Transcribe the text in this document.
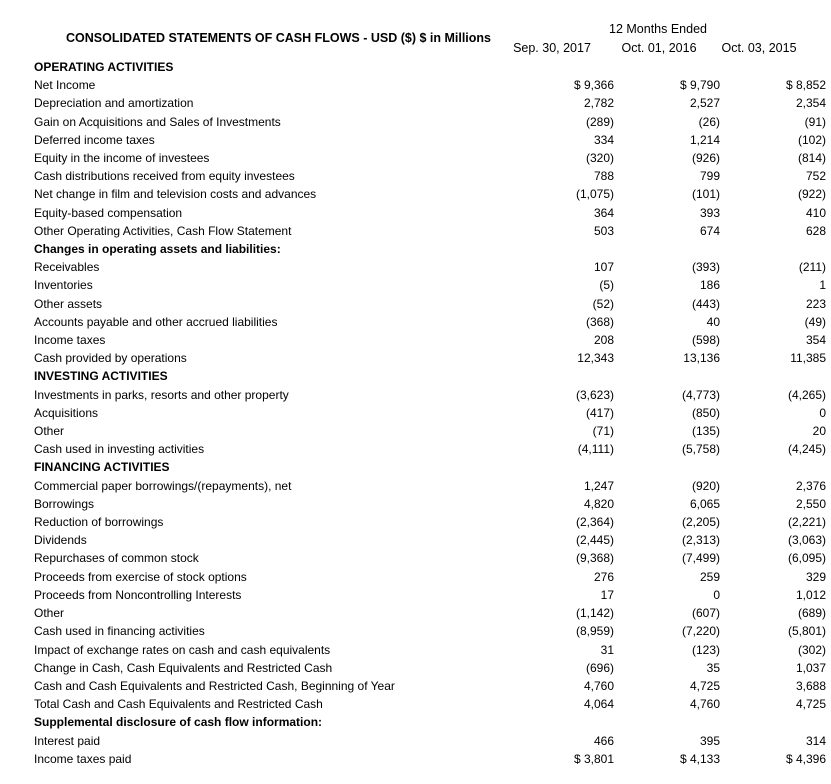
CONSOLIDATED STATEMENTS OF CASH FLOWS - USD ($) $ in Millions
12 Months Ended
Sep. 30, 2017	Oct. 01, 2016	Oct. 03, 2015
OPERATING ACTIVITIES			
Net Income	$ 9,366	$ 9,790	$ 8,852
Depreciation and amortization	2,782	2,527	2,354
Gain on Acquisitions and Sales of Investments	(289)	(26)	(91)
Deferred income taxes	334	1,214	(102)
Equity in the income of investees	(320)	(926)	(814)
Cash distributions received from equity investees	788	799	752
Net change in film and television costs and advances	(1,075)	(101)	(922)
Equity-based compensation	364	393	410
Other Operating Activities, Cash Flow Statement	503	674	628
Changes in operating assets and liabilities:			
Receivables	107	(393)	(211)
Inventories	(5)	186	1
Other assets	(52)	(443)	223
Accounts payable and other accrued liabilities	(368)	40	(49)
Income taxes	208	(598)	354
Cash provided by operations	12,343	13,136	11,385
INVESTING ACTIVITIES			
Investments in parks, resorts and other property	(3,623)	(4,773)	(4,265)
Acquisitions	(417)	(850)	0
Other	(71)	(135)	20
Cash used in investing activities	(4,111)	(5,758)	(4,245)
FINANCING ACTIVITIES			
Commercial paper borrowings/(repayments), net	1,247	(920)	2,376
Borrowings	4,820	6,065	2,550
Reduction of borrowings	(2,364)	(2,205)	(2,221)
Dividends	(2,445)	(2,313)	(3,063)
Repurchases of common stock	(9,368)	(7,499)	(6,095)
Proceeds from exercise of stock options	276	259	329
Proceeds from Noncontrolling Interests	17	0	1,012
Other	(1,142)	(607)	(689)
Cash used in financing activities	(8,959)	(7,220)	(5,801)
Impact of exchange rates on cash and cash equivalents	31	(123)	(302)
Change in Cash, Cash Equivalents and Restricted Cash	(696)	35	1,037
Cash and Cash Equivalents and Restricted Cash, Beginning of Year	4,760	4,725	3,688
Total Cash and Cash Equivalents and Restricted Cash	4,064	4,760	4,725
Supplemental disclosure of cash flow information:			
Interest paid	466	395	314
Income taxes paid	$ 3,801	$ 4,133	$ 4,396
